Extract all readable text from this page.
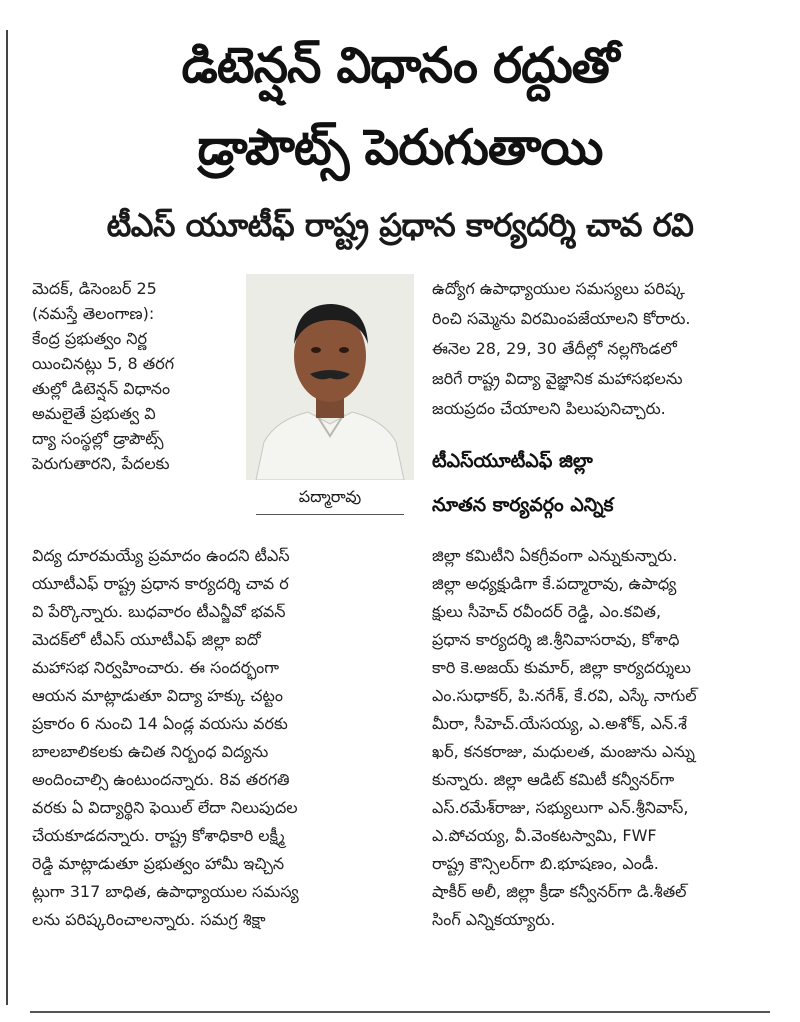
డిటెన్షన్ విధానం రద్దుతో
డ్రాపౌట్స్ పెరుగుతాయి
టీఎస్ యూటీఫ్ రాష్ట్ర ప్రధాన కార్యదర్శి చావ రవి
మెదక్, డిసెంబర్ 25
(నమస్తే తెలంగాణ):
కేంద్ర ప్రభుత్వం నిర్ణ
యించినట్లు 5, 8 తరగ
తుల్లో డిటెన్షన్ విధానం
అమలైతే ప్రభుత్వ వి
ద్యా సంస్థల్లో డ్రాపౌట్స్
పెరుగుతారని, పేదలకు
పద్మారావు
విద్య దూరమయ్యే ప్రమాదం ఉందని టీఎస్
యూటీఎఫ్ రాష్ట్ర ప్రధాన కార్యదర్శి చావ ర
వి పేర్కొన్నారు. బుధవారం టీఎన్జీవో భవన్
మెదక్‌లో టీఎస్ యూటీఎఫ్ జిల్లా ఐదో
మహాసభ నిర్వహించారు. ఈ సందర్భంగా
ఆయన మాట్లాడుతూ విద్యా హక్కు చట్టం
ప్రకారం 6 నుంచి 14 ఏండ్ల వయసు వరకు
బాలబాలికలకు ఉచిత నిర్బంధ విద్యను
అందించాల్సి ఉంటుందన్నారు. 8వ తరగతి
వరకు ఏ విద్యార్థిని ఫెయిల్ లేదా నిలుపుదల
చేయకూడదన్నారు. రాష్ట్ర కోశాధికారి లక్ష్మీ
రెడ్డి మాట్లాడుతూ ప్రభుత్వం హామీ ఇచ్చిన
ట్లుగా 317 బాధిత, ఉపాధ్యాయుల సమస్య
లను పరిష్కరించాలన్నారు. సమగ్ర శిక్షా
ఉద్యోగ ఉపాధ్యాయుల సమస్యలు పరిష్క
రించి సమ్మెను విరమింపజేయాలని కోరారు.
ఈనెల 28, 29, 30 తేదీల్లో నల్లగొండలో
జరిగే రాష్ట్ర విద్యా వైజ్ఞానిక మహాసభలను
జయప్రదం చేయాలని పిలుపునిచ్చారు.
టీఎస్‌యూటీఎఫ్ జిల్లా
నూతన కార్యవర్గం ఎన్నిక
జిల్లా కమిటీని ఏకగ్రీవంగా ఎన్నుకున్నారు.
జిల్లా అధ్యక్షుడిగా కే.పద్మారావు, ఉపాధ్య
క్షులు సీహెచ్ రవీందర్ రెడ్డి, ఎం.కవిత,
ప్రధాన కార్యదర్శి జి.శ్రీనివాసరావు, కోశాధి
కారి కె.అజయ్ కుమార్, జిల్లా కార్యదర్శులు
ఎం.సుధాకర్, పి.నగేశ్, కే.రవి, ఎస్కే నాగుల్
మీరా, సీహెచ్.యేసయ్య, ఎ.అశోక్, ఎన్.శే
ఖర్, కనకరాజు, మధులత, మంజును ఎన్ను
కున్నారు. జిల్లా ఆడిట్ కమిటీ కన్వీనర్‌గా
ఎస్.రమేశ్‌రాజు, సభ్యులుగా ఎన్.శ్రీనివాస్,
ఎ.పోచయ్య, వీ.వెంకటస్వామి, FWF
రాష్ట్ర కౌన్సిలర్‌గా బి.భూషణం, ఎండీ.
షాకీర్ అలీ, జిల్లా క్రీడా కన్వీనర్‌గా డి.శీతల్
సింగ్ ఎన్నికయ్యారు.
